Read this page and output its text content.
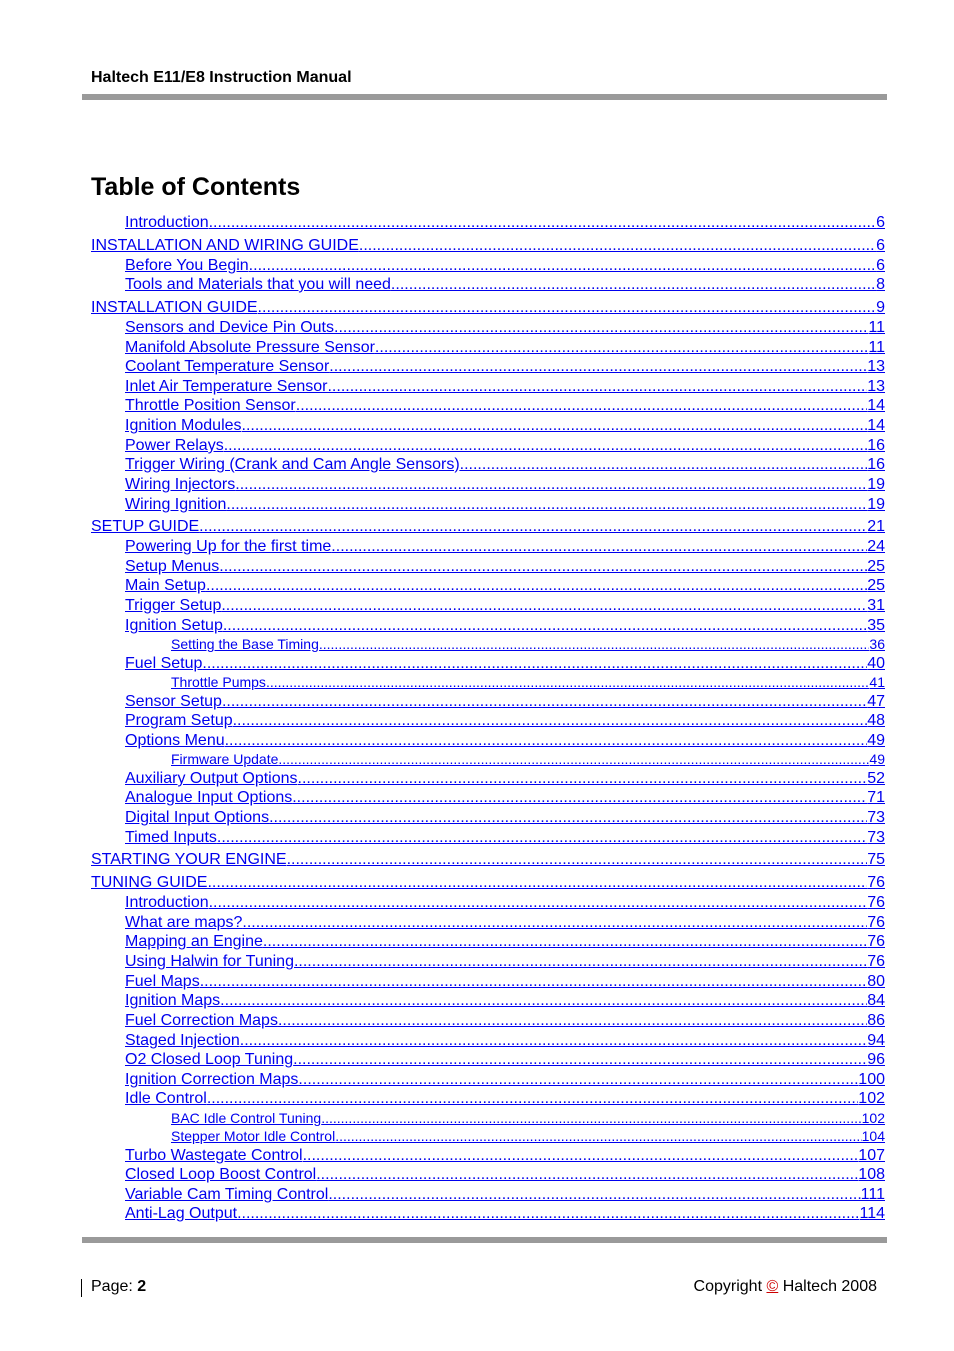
Haltech E11/E8 Instruction Manual
Table of Contents
Introduction .....	6
INSTALLATION AND WIRING GUIDE .....	6
Before You Begin .....	6
Tools and Materials that you will need .....	8
INSTALLATION GUIDE .....	9
Sensors and Device Pin Outs .....	11
Manifold Absolute Pressure Sensor .....	11
Coolant Temperature Sensor .....	13
Inlet Air Temperature Sensor .....	13
Throttle Position Sensor .....	14
Ignition Modules .....	14
Power Relays .....	16
Trigger Wiring (Crank and Cam Angle Sensors) .....	16
Wiring Injectors .....	19
Wiring Ignition .....	19
SETUP GUIDE .....	21
Powering Up for the first time .....	24
Setup Menus .....	25
Main Setup .....	25
Trigger Setup .....	31
Ignition Setup .....	35
Setting the Base Timing .....	36
Fuel Setup .....	40
Throttle Pumps .....	41
Sensor Setup .....	47
Program Setup .....	48
Options Menu .....	49
Firmware Update .....	49
Auxiliary Output Options .....	52
Analogue Input Options .....	71
Digital Input Options .....	73
Timed Inputs .....	73
STARTING YOUR ENGINE .....	75
TUNING GUIDE .....	76
Introduction .....	76
What are maps? .....	76
Mapping an Engine .....	76
Using Halwin for Tuning .....	76
Fuel Maps .....	80
Ignition Maps .....	84
Fuel Correction Maps .....	86
Staged Injection .....	94
O2 Closed Loop Tuning .....	96
Ignition Correction Maps .....	100
Idle Control .....	102
BAC Idle Control Tuning .....	102
Stepper Motor Idle Control .....	104
Turbo Wastegate Control .....	107
Closed Loop Boost Control .....	108
Variable Cam Timing Control .....	111
Anti-Lag Output .....	114
Page: 2	Copyright © Haltech 2008
